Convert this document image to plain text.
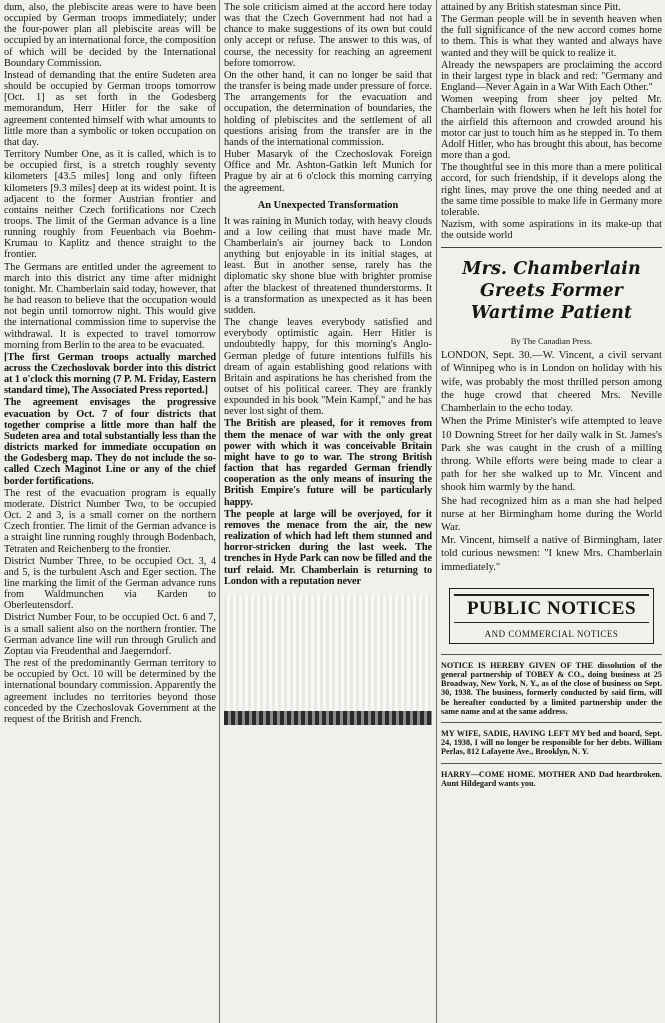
dum, also, the plebiscite areas were to have been occupied by German troops immediately; under the four-power plan all plebiscite areas will be occupied by an international force, the composition of which will be decided by the International Boundary Commission.

Instead of demanding that the entire Sudeten area should be occupied by German troops tomorrow [Oct. 1] as set forth in the Godesberg memorandum, Herr Hitler for the sake of agreement contented himself with what amounts to little more than a symbolic or token occupation on that day.

Territory Number One, as it is called, which is to be occupied first, is a stretch roughly seventy kilometers [43.5 miles] long and only fifteen kilometers [9.3 miles] deep at its widest point. It is adjacent to the former Austrian frontier and contains neither Czech fortifications nor Czech troops. The limit of the German advance is a line running roughly from Feuenbach via Boehm-Krumau to Kaplitz and thence straight to the frontier.

The Germans are entitled under the agreement to march into this district any time after midnight tonight. Mr. Chamberlain said today, however, that he had reason to believe that the occupation would not begin until tomorrow night. This would give the international commission time to supervise the withdrawal. It is expected to travel tomorrow morning from Berlin to the area to be evacuated.

[The first German troops actually marched across the Czechoslovak border into this district at 1 o'clock this morning (7 P. M. Friday, Eastern standard time), The Associated Press reported.]

The agreement envisages the progressive evacuation by Oct. 7 of four districts that together comprise a little more than half the Sudeten area and total substantially less than the districts marked for immediate occupation on the Godesberg map. They do not include the so-called Czech Maginot Line or any of the chief border fortifications.

The rest of the evacuation program is equally moderate. District Number Two, to be occupied Oct. 2 and 3, is a small corner on the northern Czech frontier. The limit of the German advance is a straight line running roughly through Bodenbach, Tetraten and Reichenberg to the frontier.

District Number Three, to be occupied Oct. 3, 4 and 5, is the turbulent Asch and Eger section. The line marking the limit of the German advance runs from Waldmunchen via Karden to Oberleutensdorf.

District Number Four, to be occupied Oct. 6 and 7, is a small salient also on the northern frontier. The German advance line will run through Grulich and Zoptau via Freudenthal and Jaegerndorf.

The rest of the predominantly German territory to be occupied by Oct. 10 will be determined by the international boundary commission. Apparently the agreement includes no territories beyond those conceded by the Czechoslovak Government at the request of the British and French.

The sole criticism aimed at the accord here today was that the Czech Government had not had a chance to make suggestions of its own but could only accept or refuse. The answer to this was, of course, the necessity for reaching an agreement before tomorrow.

On the other hand, it can no longer be said that the transfer is being made under pressure of force. The arrangements for the evacuation and occupation, the determination of boundaries, the holding of plebiscites and the settlement of all questions arising from the transfer are in the hands of the international commission.

Huber Masaryk of the Czechoslovak Foreign Office and Mr. Ashton-Gatkin left Munich for Prague by air at 6 o'clock this morning carrying the agreement.

An Unexpected Transformation

It was raining in Munich today, with heavy clouds and a low ceiling that must have made Mr. Chamberlain's air journey back to London anything but enjoyable in its initial stages, at least. But in another sense, rarely has the diplomatic sky shone blue with brighter promise after the blackest of threatened thunderstorms. It is a transformation as unexpected as it has been sudden.

The change leaves everybody satisfied and everybody optimistic again. Herr Hitler is undoubtedly happy, for this morning's Anglo-German pledge of future intentions fulfills his dream of again establishing good relations with Britain and aspirations he has cherished from the outset of his political career. They are frankly expounded in his book "Mein Kampf," and he has never lost sight of them.

The British are pleased, for it removes from them the menace of war with the only great power with which it was conceivable Britain might have to go to war. The strong British faction that has regarded German friendly cooperation as the only means of insuring the British Empire's future will be particularly happy.

The people at large will be overjoyed, for it removes the menace from the air, the new realization of which had left them stunned and horror-stricken during the last week. The trenches in Hyde Park can now be filled and the turf relaid. Mr. Chamberlain is returning to London with a reputation never

attained by any British statesman since Pitt.

The German people will be in seventh heaven when the full significance of the new accord comes home to them. This is what they wanted and always have wanted and they will be quick to realize it.

Already the newspapers are proclaiming the accord in their largest type in black and red: "Germany and England—Never Again in a War With Each Other."

Women weeping from sheer joy pelted Mr. Chamberlain with flowers when he left his hotel for the airfield this afternoon and crowded around his motor car just to touch him as he stepped in. To them Adolf Hitler, who has brought this about, has become more than a god.

The thoughtful see in this more than a mere political accord, for such friendship, if it develops along the right lines, may prove the one thing needed and at the same time possible to make life in Germany more tolerable.

Nazism, with some aspirations in its make-up that the outside world

Mrs. Chamberlain Greets Former Wartime Patient
By The Canadian Press.

LONDON, Sept. 30.—W. Vincent, a civil servant of Winnipeg who is in London on holiday with his wife, was probably the most thrilled person among the huge crowd that cheered Mrs. Neville Chamberlain to the echo today.

When the Prime Minister's wife attempted to leave 10 Downing Street for her daily walk in St. James's Park she was caught in the crush of a milling throng. While efforts were being made to clear a path for her she walked up to Mr. Vincent and shook him warmly by the hand.

She had recognized him as a man she had helped nurse at her Birmingham home during the World War.

Mr. Vincent, himself a native of Birmingham, later told curious newsmen: "I knew Mrs. Chamberlain immediately."

PUBLIC NOTICES
AND COMMERCIAL NOTICES

NOTICE IS HEREBY GIVEN OF THE dissolution of the general partnership of TOBEY & CO., doing business at 25 Broadway, New York, N. Y., as of the close of business on Sept. 30, 1938. The business, formerly conducted by said firm, will be hereafter conducted by a limited partnership under the same name and at the same address.

MY WIFE, SADIE, HAVING LEFT MY bed and board, Sept. 24, 1938, I will no longer be responsible for her debts. William Perlas, 812 Lafayette Ave., Brooklyn, N. Y.

HARRY—COME HOME. MOTHER AND Dad heartbroken. Aunt Hildegard wants you.
